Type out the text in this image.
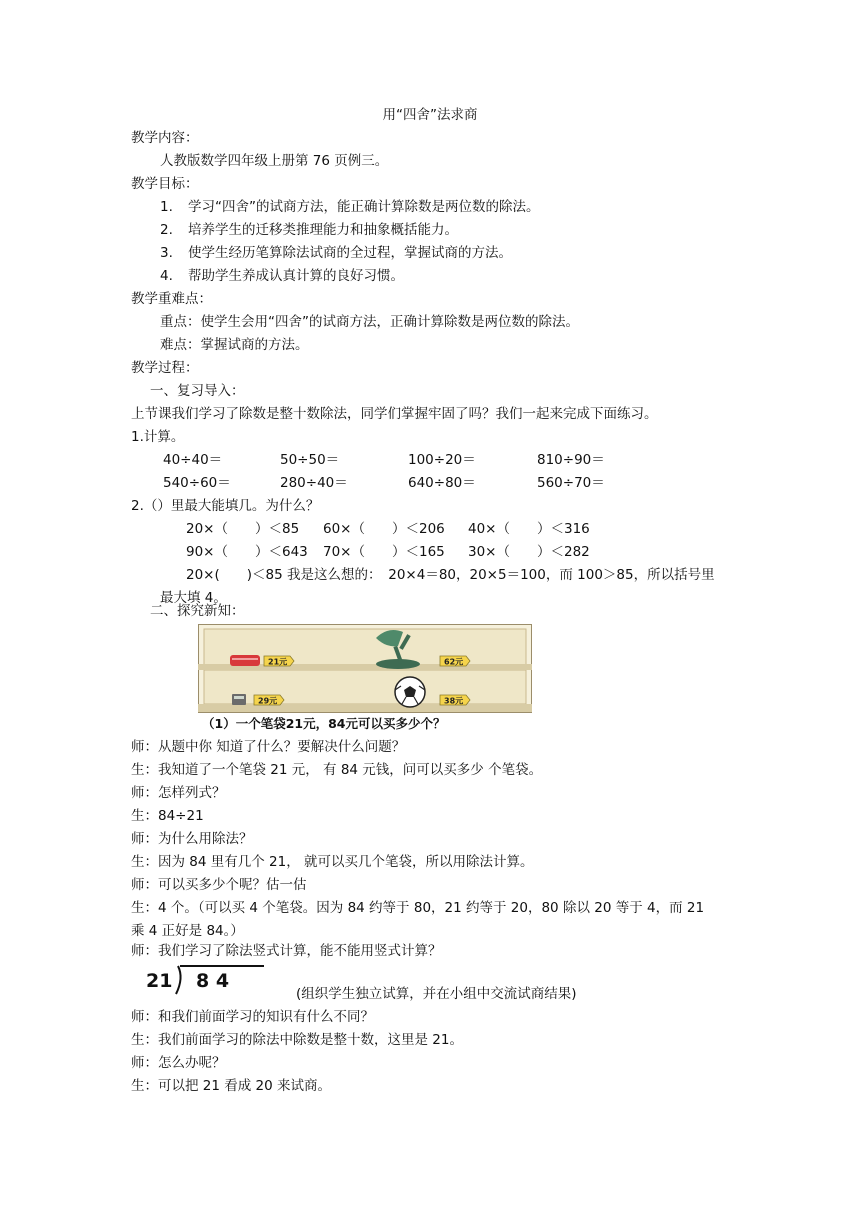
用“四舍”法求商
教学内容：
人教版数学四年级上册第 76 页例三。
教学目标：
1. 学习“四舍”的试商方法，能正确计算除数是两位数的除法。
2. 培养学生的迁移类推理能力和抽象概括能力。
3. 使学生经历笔算除法试商的全过程，掌握试商的方法。
4. 帮助学生养成认真计算的良好习惯。
教学重难点：
重点：使学生会用“四舍”的试商方法，正确计算除数是两位数的除法。
难点：掌握试商的方法。
教学过程：
一、复习导入：
上节课我们学习了除数是整十数除法，同学们掌握牢固了吗？我们一起来完成下面练习。
1.计算。
40÷40＝	50÷50＝	100÷20＝	810÷90＝
540÷60＝	280÷40＝	640÷80＝	560÷70＝
2.（）里最大能填几。为什么？
20×（　　）＜85 60×（　　）＜206 40×（　　）＜316
90×（　　）＜643 70×（　　）＜165 30×（　　）＜282
20×(　　)＜85 我是这么想的：　20×4＝80，20×5＝100，而 100＞85，所以括号里
最大填 4。
二、探究新知：
21元	62元
29元	38元
（1）一个笔袋21元，84元可以买多少个？
师：从题中你 知道了什么？要解决什么问题？
生：我知道了一个笔袋 21 元， 有 84 元钱，问可以买多少 个笔袋。
师：怎样列式？
生：84÷21
师：为什么用除法？
生：因为 84 里有几个 21， 就可以买几个笔袋，所以用除法计算。
师：可以买多少个呢？估一估
生：4 个。（可以买 4 个笔袋。因为 84 约等于 80，21 约等于 20，80 除以 20 等于 4，而 21
乘 4 正好是 84。）
师：我们学习了除法竖式计算，能不能用竖式计算？
21 8 4
(组织学生独立试算，并在小组中交流试商结果)
师：和我们前面学习的知识有什么不同？
生：我们前面学习的除法中除数是整十数，这里是 21。
师：怎么办呢？
生：可以把 21 看成 20 来试商。
